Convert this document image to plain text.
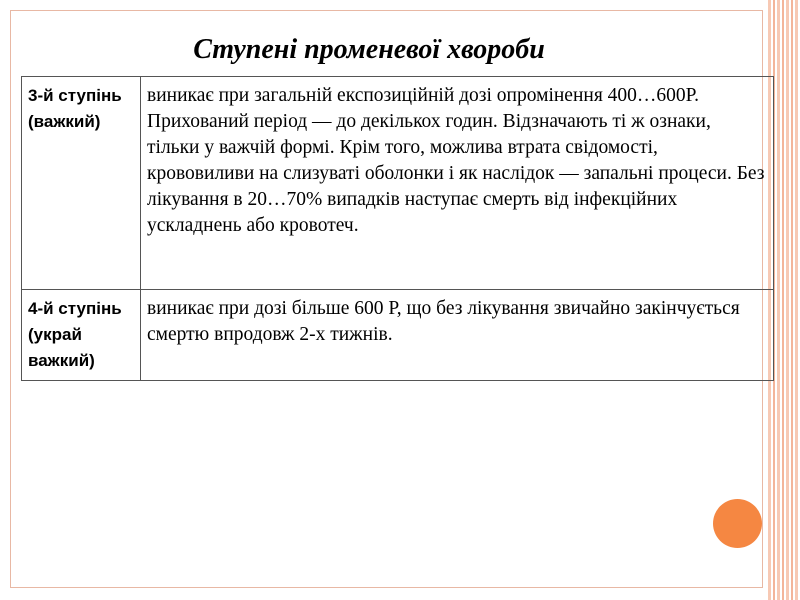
Ступені променевої хвороби
3-й ступінь (важкий)	виникає при загальній експозиційній дозі опромінення 400…600Р. Прихований період — до декількох годин. Відзначають ті ж ознаки, тільки у важчій формі. Крім того, можлива втрата свідомості, крововиливи на слизуваті оболонки і як наслідок — запальні процеси. Без лікування в 20…70% випадків наступає смерть від інфекційних ускладнень або кровотеч.
4-й ступінь (украй важкий)	виникає при дозі більше 600 Р, що без лікування звичайно закінчується смертю впродовж 2-х тижнів.
